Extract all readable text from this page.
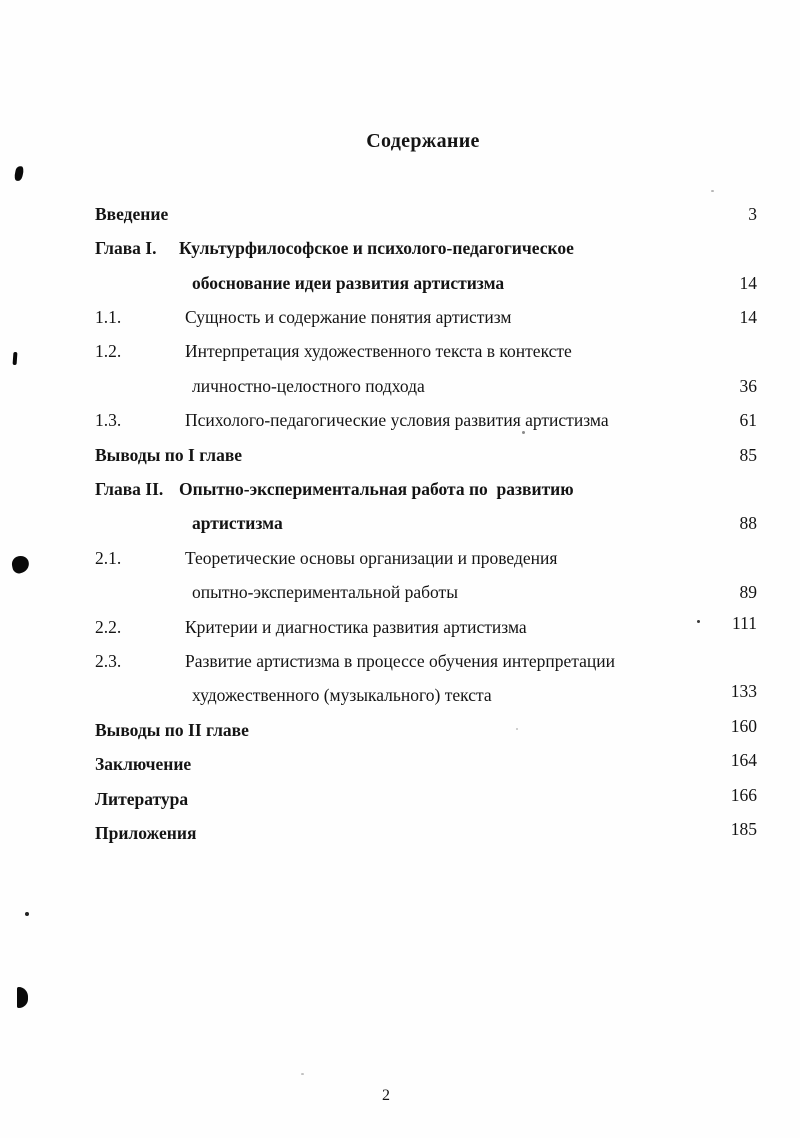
Содержание
Введение	3
Глава I. Культурфилософское и психолого-педагогическое
обоснование идеи развития артистизма	14
1.1.	Сущность и содержание понятия артистизм	14
1.2.	Интерпретация художественного текста в контексте
личностно-целостного подхода	36
1.3.	Психолого-педагогические условия развития артистизма	61
Выводы по I главе	85
Глава II. Опытно-экспериментальная работа по  развитию
артистизма	88
2.1.	Теоретические основы организации и проведения
опытно-экспериментальной работы	89
2.2.	Критерии и диагностика развития артистизма	111
2.3.	Развитие артистизма в процессе обучения интерпретации
художественного (музыкального) текста	133
Выводы по II главе	160
Заключение	164
Литература	166
Приложения	185
2
